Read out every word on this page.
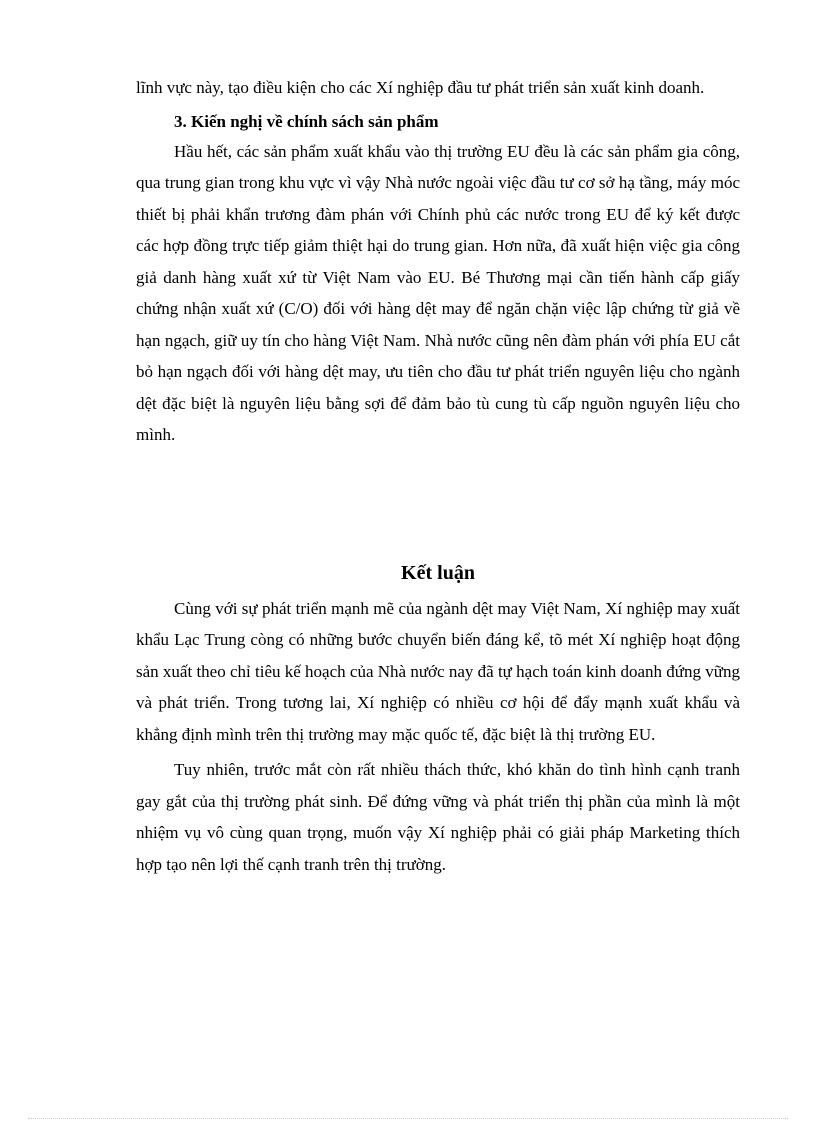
lĩnh vực này, tạo điều kiện cho các Xí nghiệp đầu tư phát triển sản xuất kinh doanh.

3. Kiến nghị về chính sách sản phẩm

Hầu hết, các sản phẩm xuất khẩu vào thị trường EU đều là các sản phẩm gia công, qua trung gian trong khu vực vì vậy Nhà nước ngoài việc đầu tư cơ sở hạ tầng, máy móc thiết bị phải khẩn trương đàm phán với Chính phủ các nước trong EU để ký kết được các hợp đồng trực tiếp giảm thiệt hại do trung gian. Hơn nữa, đã xuất hiện việc gia công giả danh hàng xuất xứ từ Việt Nam vào EU. Bé Thương mại cần tiến hành cấp giấy chứng nhận xuất xứ (C/O) đối với hàng dệt may để ngăn chặn việc lập chứng từ giả về hạn ngạch, giữ uy tín cho hàng Việt Nam. Nhà nước cũng nên đàm phán với phía EU cắt bỏ hạn ngạch đối với hàng dệt may, ưu tiên cho đầu tư phát triển nguyên liệu cho ngành dệt đặc biệt là nguyên liệu bằng sợi để đảm bảo tù cung tù cấp nguồn nguyên liệu cho mình.

Kết luận

Cùng với sự phát triển mạnh mẽ của ngành dệt may Việt Nam, Xí nghiệp may xuất khẩu Lạc Trung còng có những bước chuyển biến đáng kể, tõ mét Xí nghiệp hoạt động sản xuất theo chỉ tiêu kế hoạch của Nhà nước nay đã tự hạch toán kinh doanh đứng vững và phát triển. Trong tương lai, Xí nghiệp có nhiều cơ hội để đẩy mạnh xuất khẩu và khẳng định mình trên thị trường may mặc quốc tế, đặc biệt là thị trường EU.

Tuy nhiên, trước mắt còn rất nhiều thách thức, khó khăn do tình hình cạnh tranh gay gắt của thị trường phát sinh. Để đứng vững và phát triển thị phần của mình là một nhiệm vụ vô cùng quan trọng, muốn vậy Xí nghiệp phải có giải pháp Marketing thích hợp tạo nên lợi thế cạnh tranh trên thị trường.
